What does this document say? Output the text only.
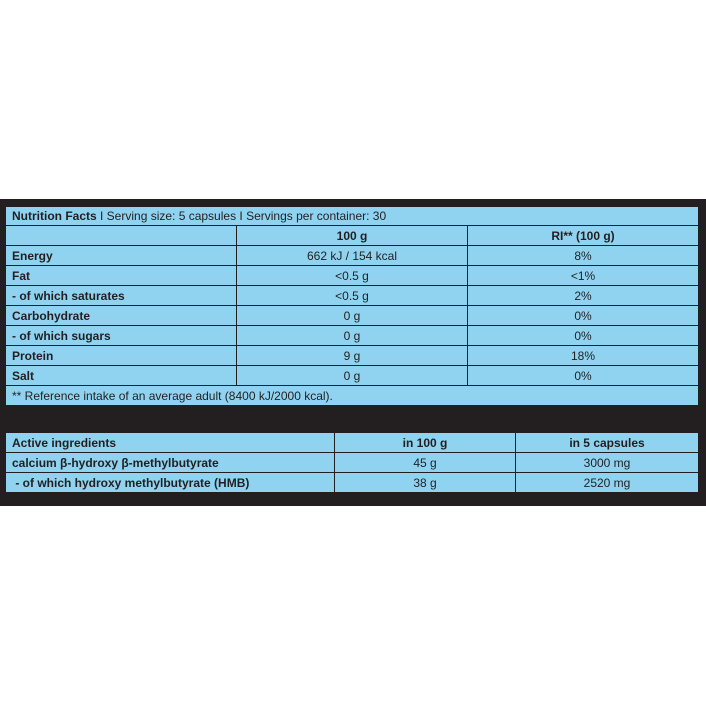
Nutrition Facts I Serving size: 5 capsules I Servings per container: 30		
	100 g	RI** (100 g)
Energy	662 kJ / 154 kcal	8%
Fat	<0.5 g	<1%
- of which saturates	<0.5 g	2%
Carbohydrate	0 g	0%
- of which sugars	0 g	0%
Protein	9 g	18%
Salt	0 g	0%
** Reference intake of an average adult (8400 kJ/2000 kcal).		
Active ingredients	in 100 g	in 5 capsules
calcium β-hydroxy β-methylbutyrate	45 g	3000 mg
- of which hydroxy methylbutyrate (HMB)	38 g	2520 mg
